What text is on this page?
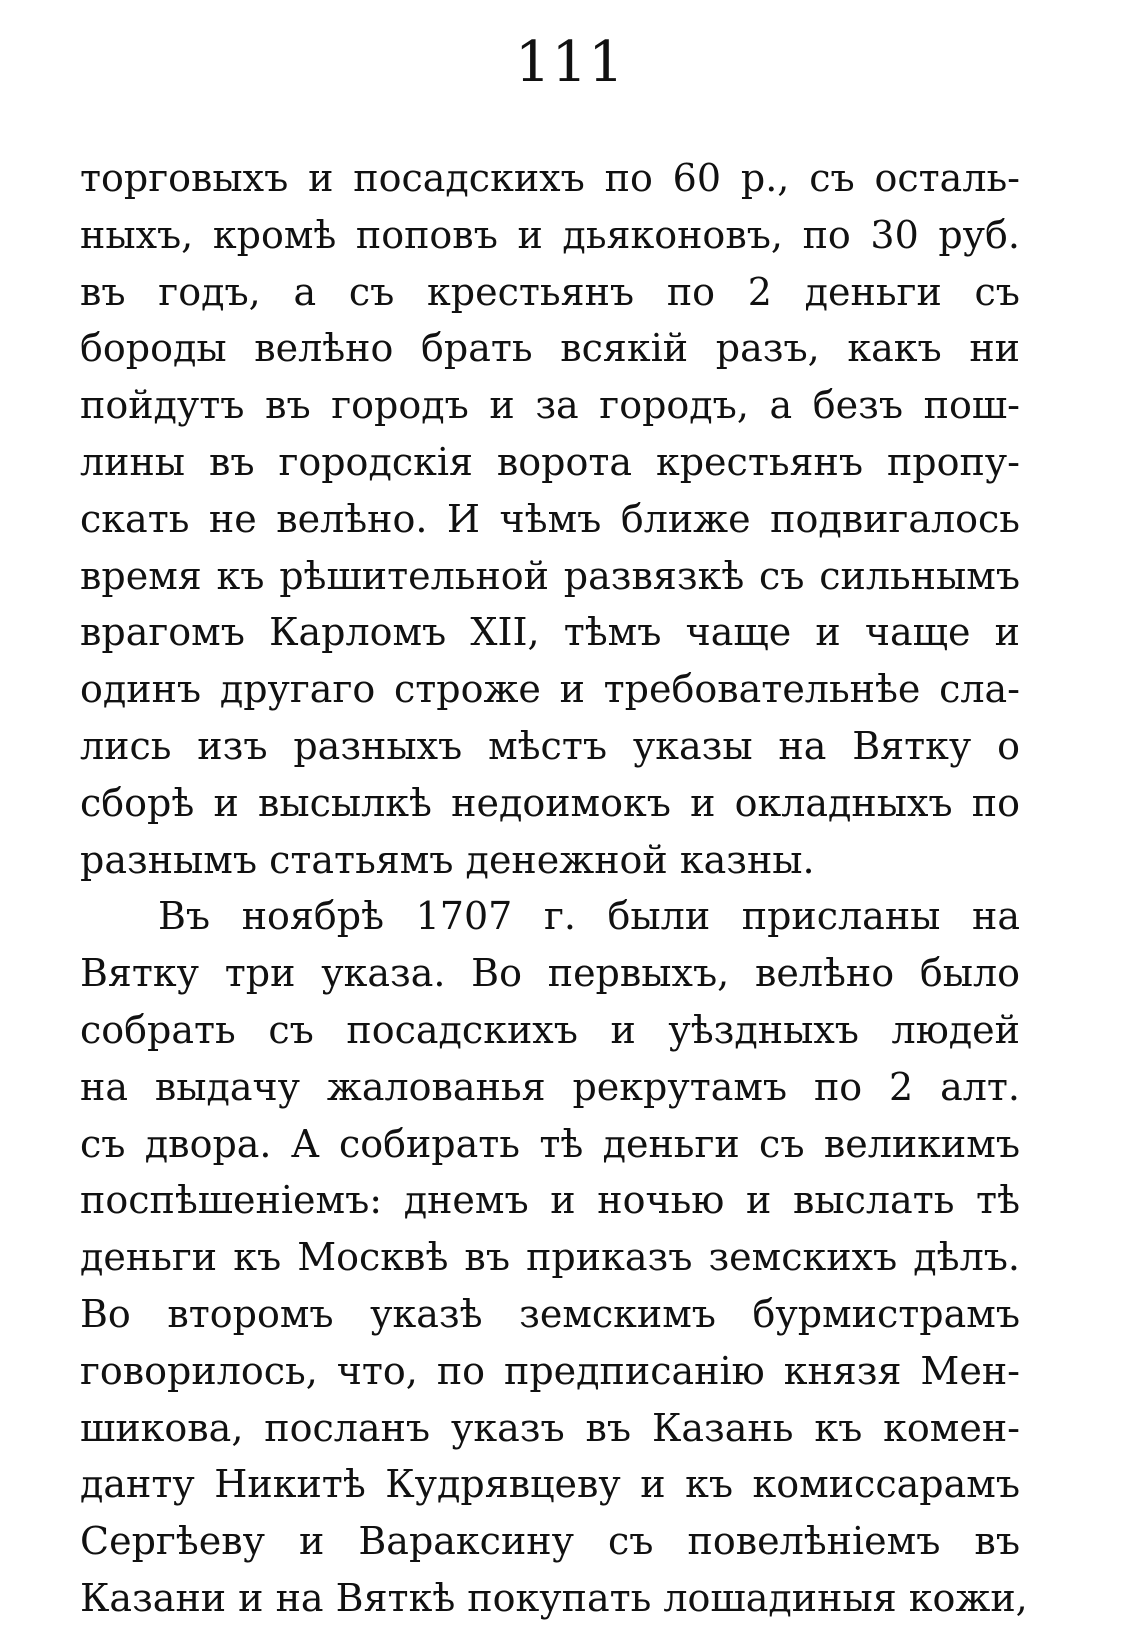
111
торговыхъ и посадскихъ по 60 р., съ осталь-
ныхъ, кромѣ поповъ и дьяконовъ, по 30 руб.
въ годъ, а съ крестьянъ по 2 деньги съ
бороды велѣно брать всякій разъ, какъ ни
пойдутъ въ городъ и за городъ, а безъ пош-
лины въ городскія ворота крестьянъ пропу-
скать не велѣно. И чѣмъ ближе подвигалось
время къ рѣшительной развязкѣ съ сильнымъ
врагомъ Карломъ XII, тѣмъ чаще и чаще и
одинъ другаго строже и требовательнѣе сла-
лись изъ разныхъ мѣстъ указы на Вятку о
сборѣ и высылкѣ недоимокъ и окладныхъ по
разнымъ статьямъ денежной казны.
Въ ноябрѣ 1707 г. были присланы на
Вятку три указа. Во первыхъ, велѣно было
собрать съ посадскихъ и уѣздныхъ людей
на выдачу жалованья рекрутамъ по 2 алт.
съ двора. А собирать тѣ деньги съ великимъ
поспѣшеніемъ: днемъ и ночью и выслать тѣ
деньги къ Москвѣ въ приказъ земскихъ дѣлъ.
Во второмъ указѣ земскимъ бурмистрамъ
говорилось, что, по предписанію князя Мен-
шикова, посланъ указъ въ Казань къ комен-
данту Никитѣ Кудрявцеву и къ комиссарамъ
Сергѣеву и Вараксину съ повелѣніемъ въ
Казани и на Вяткѣ покупать лошадиныя кожи,
